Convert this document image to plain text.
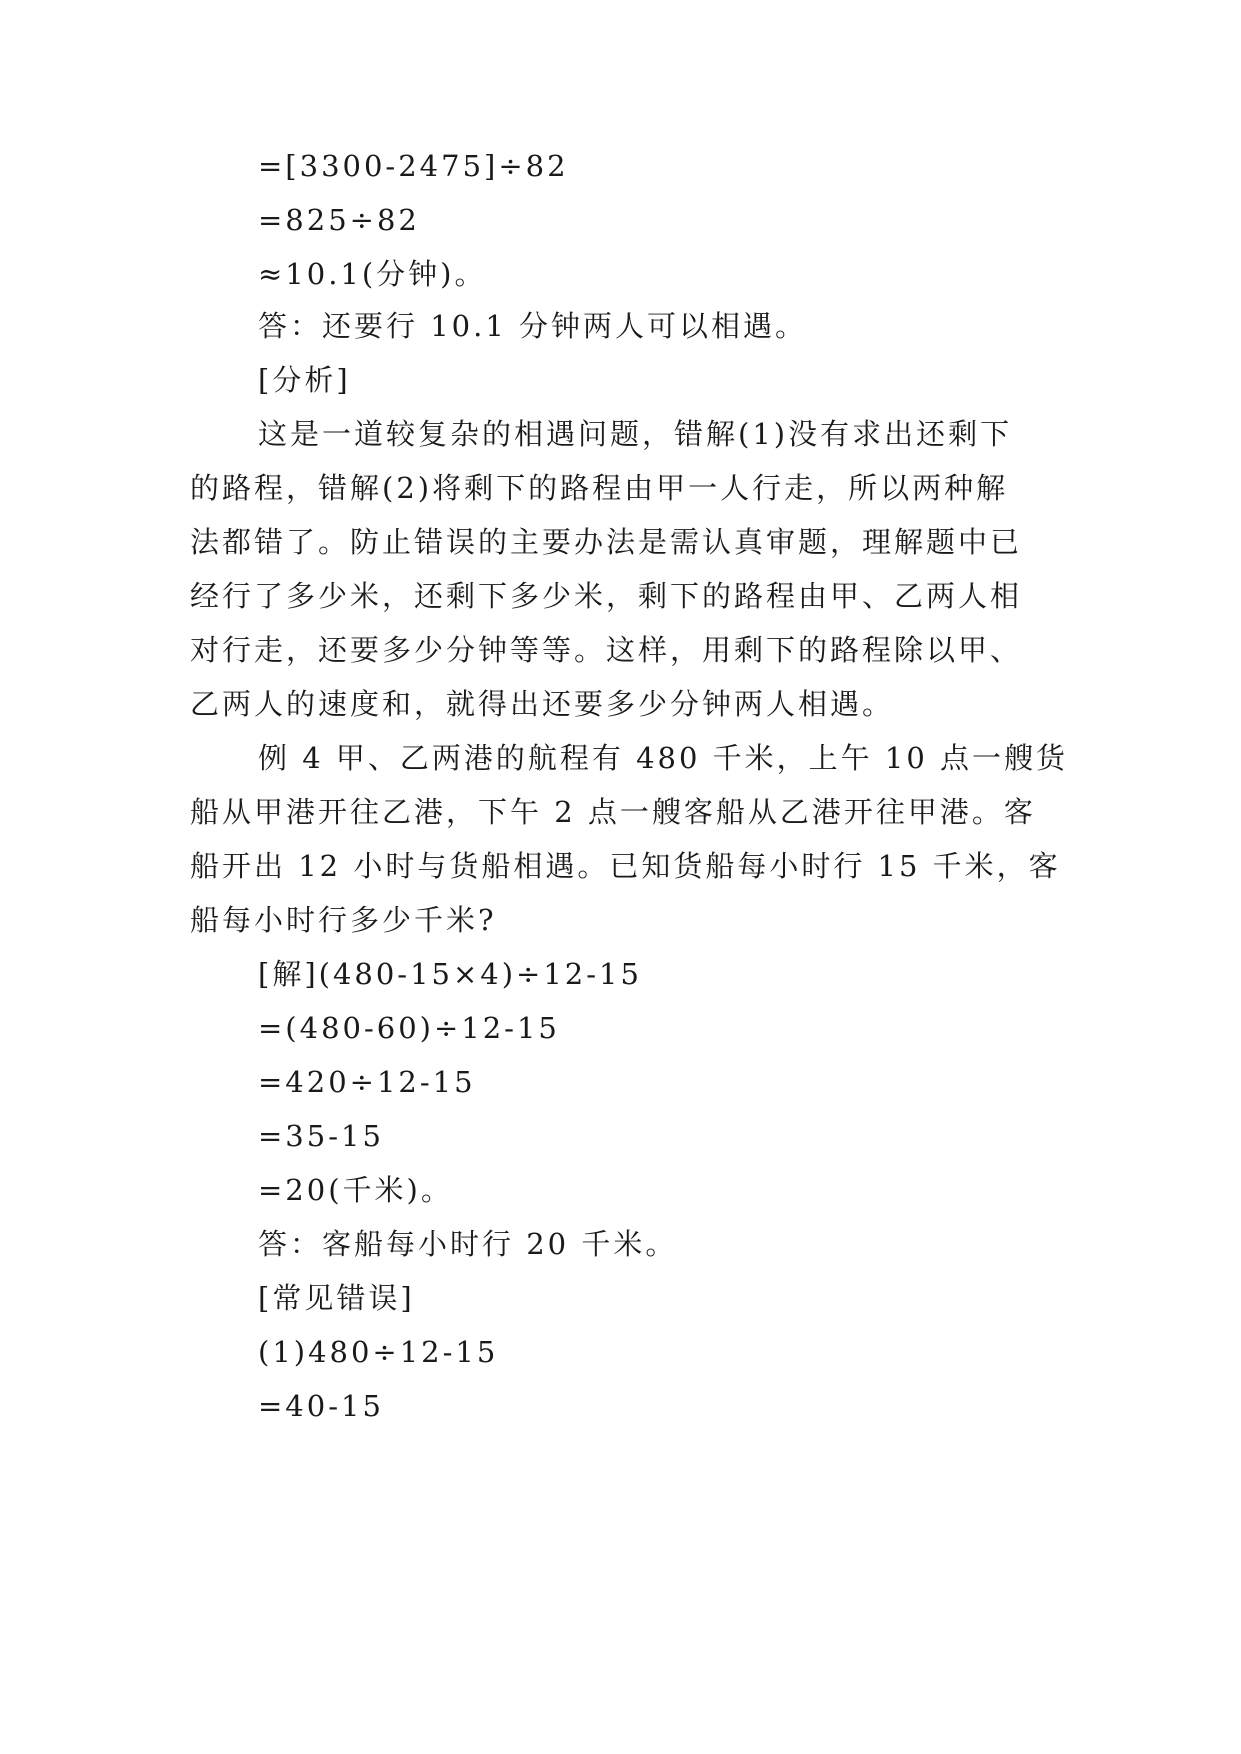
=[3300-2475]÷82
=825÷82
≈10.1(分钟)。
答：还要行 10.1 分钟两人可以相遇。
[分析]
这是一道较复杂的相遇问题，错解(1)没有求出还剩下
的路程，错解(2)将剩下的路程由甲一人行走，所以两种解
法都错了。防止错误的主要办法是需认真审题，理解题中已
经行了多少米，还剩下多少米，剩下的路程由甲、乙两人相
对行走，还要多少分钟等等。这样，用剩下的路程除以甲、
乙两人的速度和，就得出还要多少分钟两人相遇。
例 4 甲、乙两港的航程有 480 千米，上午 10 点一艘货
船从甲港开往乙港，下午 2 点一艘客船从乙港开往甲港。客
船开出 12 小时与货船相遇。已知货船每小时行 15 千米，客
船每小时行多少千米?
[解](480-15×4)÷12-15
=(480-60)÷12-15
=420÷12-15
=35-15
=20(千米)。
答：客船每小时行 20 千米。
[常见错误]
(1)480÷12-15
=40-15
